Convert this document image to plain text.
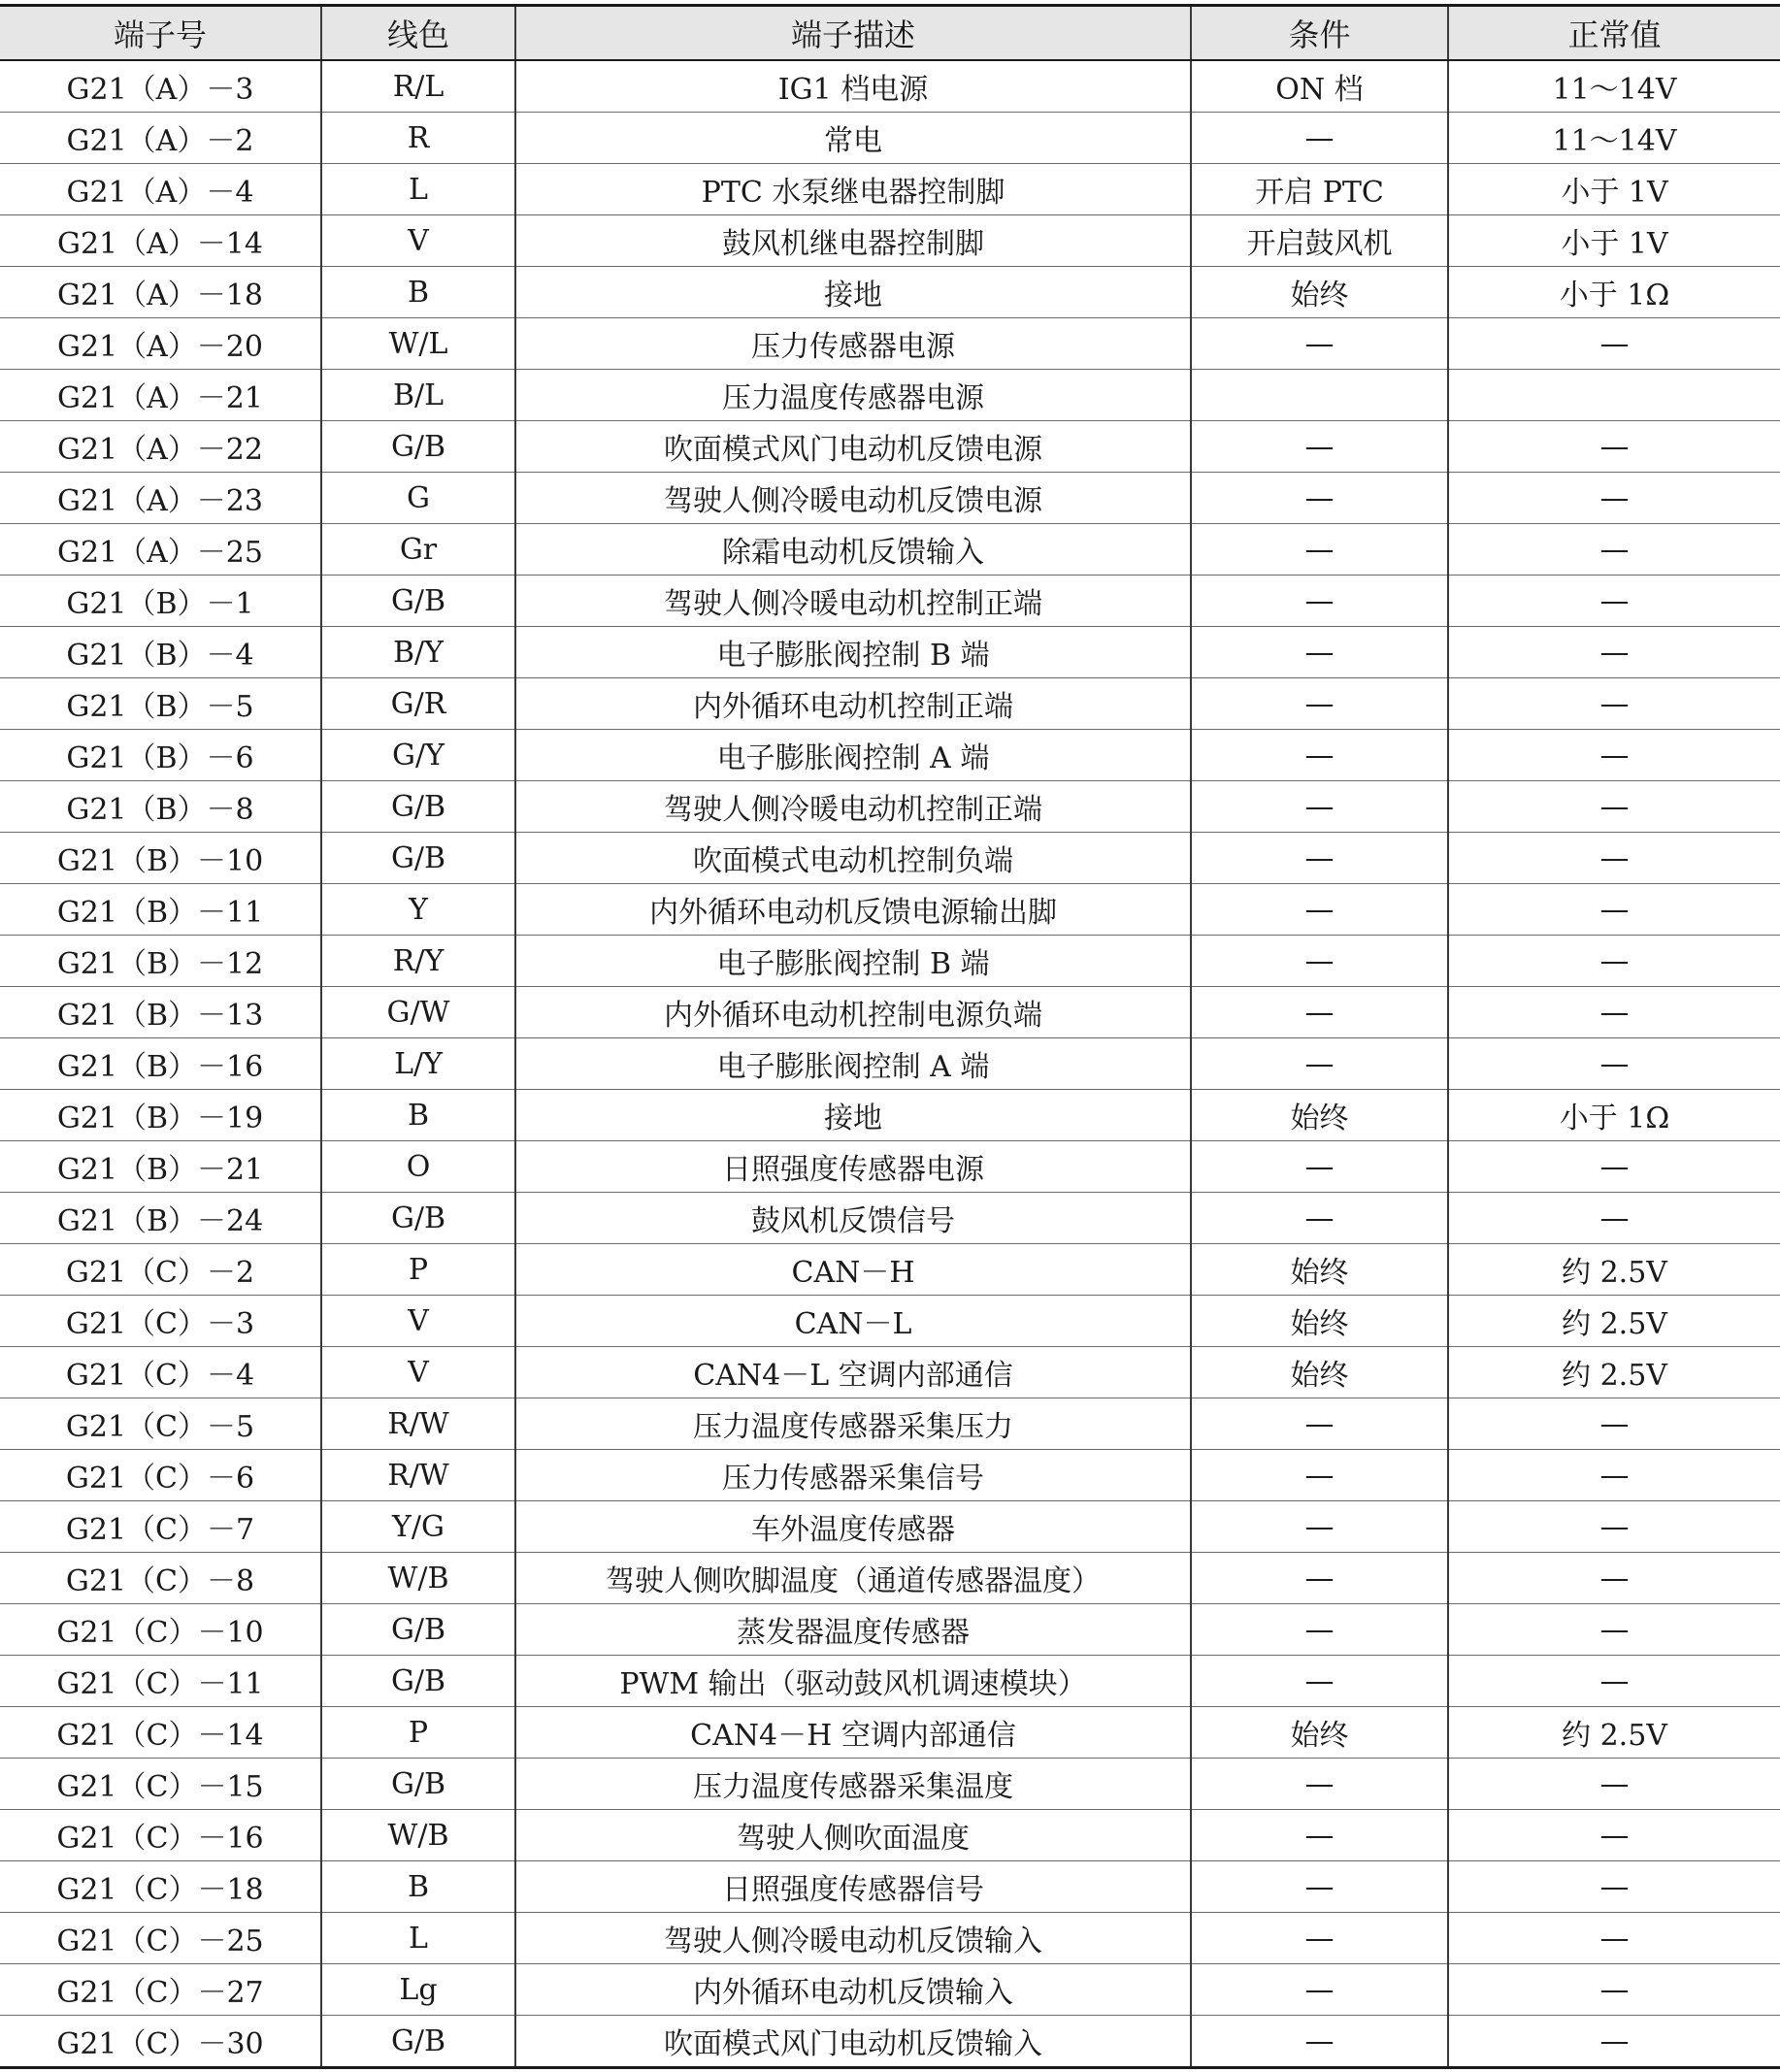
端子号	线色	端子描述	条件	正常值
G21（A）－3	R/L	IG1 档电源	ON 档	11～14V
G21（A）－2	R	常电	—	11～14V
G21（A）－4	L	PTC 水泵继电器控制脚	开启 PTC	小于 1V
G21（A）－14	V	鼓风机继电器控制脚	开启鼓风机	小于 1V
G21（A）－18	B	接地	始终	小于 1Ω
G21（A）－20	W/L	压力传感器电源	—	—
G21（A）－21	B/L	压力温度传感器电源		
G21（A）－22	G/B	吹面模式风门电动机反馈电源	—	—
G21（A）－23	G	驾驶人侧冷暖电动机反馈电源	—	—
G21（A）－25	Gr	除霜电动机反馈输入	—	—
G21（B）－1	G/B	驾驶人侧冷暖电动机控制正端	—	—
G21（B）－4	B/Y	电子膨胀阀控制 B 端	—	—
G21（B）－5	G/R	内外循环电动机控制正端	—	—
G21（B）－6	G/Y	电子膨胀阀控制 A 端	—	—
G21（B）－8	G/B	驾驶人侧冷暖电动机控制正端	—	—
G21（B）－10	G/B	吹面模式电动机控制负端	—	—
G21（B）－11	Y	内外循环电动机反馈电源输出脚	—	—
G21（B）－12	R/Y	电子膨胀阀控制 B 端	—	—
G21（B）－13	G/W	内外循环电动机控制电源负端	—	—
G21（B）－16	L/Y	电子膨胀阀控制 A 端	—	—
G21（B）－19	B	接地	始终	小于 1Ω
G21（B）－21	O	日照强度传感器电源	—	—
G21（B）－24	G/B	鼓风机反馈信号	—	—
G21（C）－2	P	CAN－H	始终	约 2.5V
G21（C）－3	V	CAN－L	始终	约 2.5V
G21（C）－4	V	CAN4－L 空调内部通信	始终	约 2.5V
G21（C）－5	R/W	压力温度传感器采集压力	—	—
G21（C）－6	R/W	压力传感器采集信号	—	—
G21（C）－7	Y/G	车外温度传感器	—	—
G21（C）－8	W/B	驾驶人侧吹脚温度（通道传感器温度）	—	—
G21（C）－10	G/B	蒸发器温度传感器	—	—
G21（C）－11	G/B	PWM 输出（驱动鼓风机调速模块）	—	—
G21（C）－14	P	CAN4－H 空调内部通信	始终	约 2.5V
G21（C）－15	G/B	压力温度传感器采集温度	—	—
G21（C）－16	W/B	驾驶人侧吹面温度	—	—
G21（C）－18	B	日照强度传感器信号	—	—
G21（C）－25	L	驾驶人侧冷暖电动机反馈输入	—	—
G21（C）－27	Lg	内外循环电动机反馈输入	—	—
G21（C）－30	G/B	吹面模式风门电动机反馈输入	—	—
